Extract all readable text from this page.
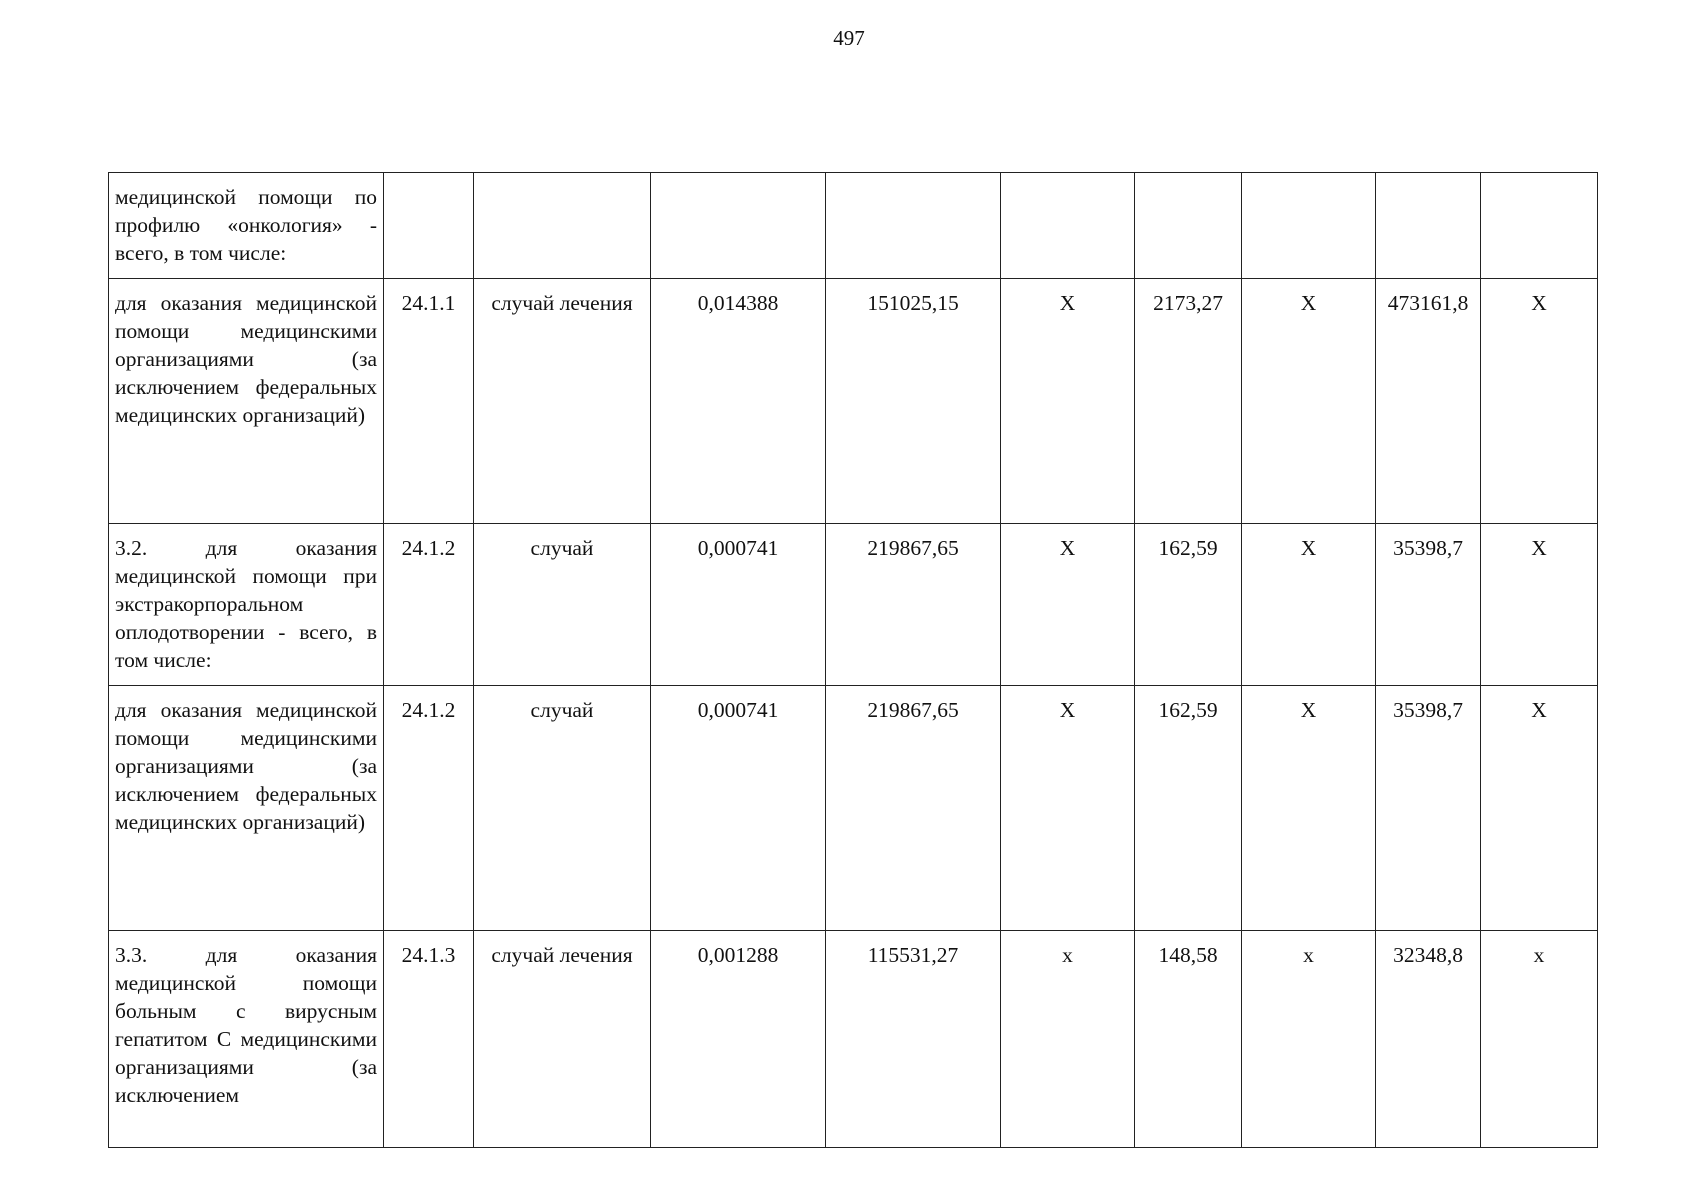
497
медицинской помощи по профилю «онкология» - всего, в том числе:									
для оказания медицинской помощи медицинскими организациями (за исключением федеральных медицинских организаций)	24.1.1	случай лечения	0,014388	151025,15	X	2173,27	X	473161,8	X
3.2. для оказания медицинской помощи при экстракорпоральном оплодотворении - всего, в том числе:	24.1.2	случай	0,000741	219867,65	X	162,59	X	35398,7	X
для оказания медицинской помощи медицинскими организациями (за исключением федеральных медицинских организаций)	24.1.2	случай	0,000741	219867,65	X	162,59	X	35398,7	X
3.3. для оказания медицинской помощи больным с вирусным гепатитом С медицинскими организациями (за исключением	24.1.3	случай лечения	0,001288	115531,27	х	148,58	х	32348,8	х
